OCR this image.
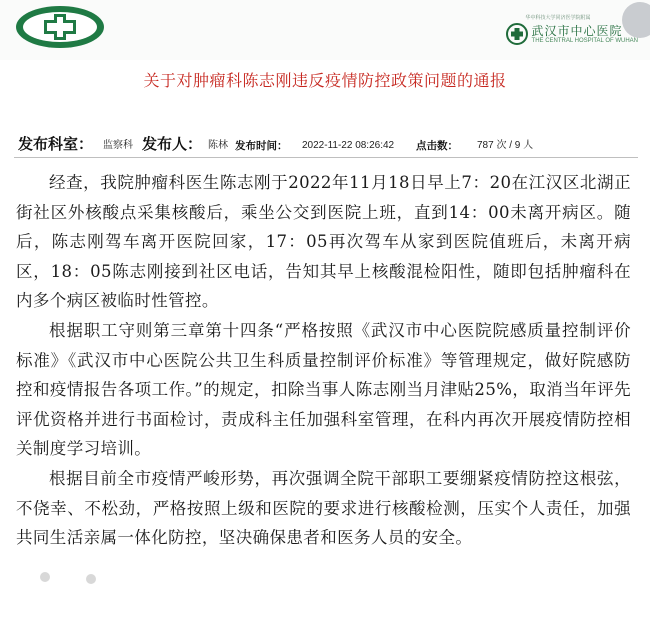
华中科技大学同济医学院附属
武汉市中心医院
THE CENTRAL HOSPITAL OF WUHAN
关于对肿瘤科陈志刚违反疫情防控政策问题的通报
发布科室： 监察科 发布人： 陈林 发布时间： 2022-11-22 08:26:42 点击数： 787 次 / 9 人

经查，我院肿瘤科医生陈志刚于2022年11月18日早上7：20在江汉区北湖正街社区外核酸点采集核酸后，乘坐公交到医院上班，直到14：00未离开病区。随后，陈志刚驾车离开医院回家，17：05再次驾车从家到医院值班后，未离开病区，18：05陈志刚接到社区电话，告知其早上核酸混检阳性，随即包括肿瘤科在内多个病区被临时性管控。

根据职工守则第三章第十四条“严格按照《武汉市中心医院院感质量控制评价标准》《武汉市中心医院公共卫生科质量控制评价标准》等管理规定，做好院感防控和疫情报告各项工作。”的规定，扣除当事人陈志刚当月津贴25%，取消当年评先评优资格并进行书面检讨，责成科主任加强科室管理，在科内再次开展疫情防控相关制度学习培训。

根据目前全市疫情严峻形势，再次强调全院干部职工要绷紧疫情防控这根弦，不侥幸、不松劲，严格按照上级和医院的要求进行核酸检测，压实个人责任，加强共同生活亲属一体化防控，坚决确保患者和医务人员的安全。
